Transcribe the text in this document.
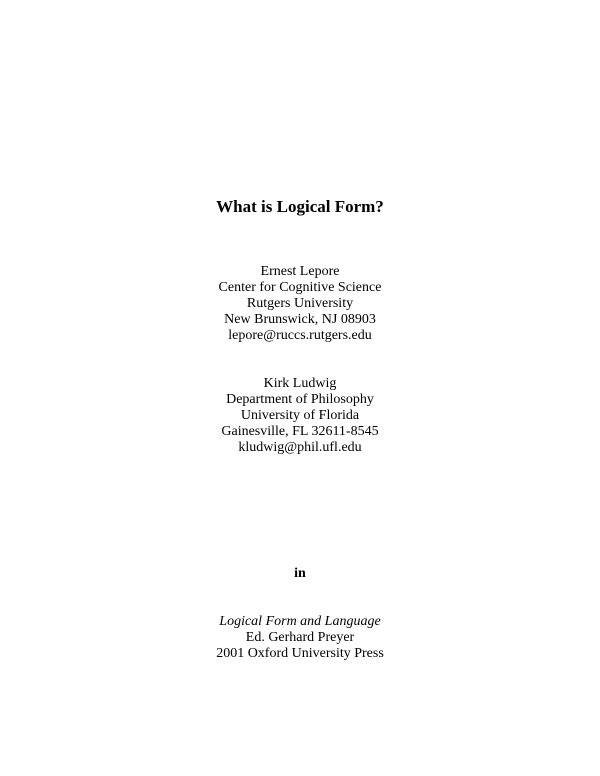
What is Logical Form?
Ernest Lepore
Center for Cognitive Science
Rutgers University
New Brunswick, NJ 08903
lepore@ruccs.rutgers.edu
Kirk Ludwig
Department of Philosophy
University of Florida
Gainesville, FL 32611-8545
kludwig@phil.ufl.edu
in
Logical Form and Language
Ed. Gerhard Preyer
2001 Oxford University Press
